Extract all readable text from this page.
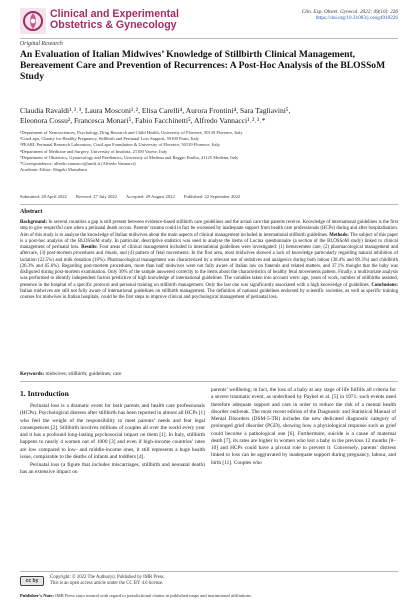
Clinical and Experimental
Obstetrics & Gynecology
Clin. Exp. Obstet. Gynecol. 2022; 49(10): 226
https://doi.org/10.31083/j.ceog4910226
Original Research
An Evaluation of Italian Midwives’ Knowledge of Stillbirth Clinical Management, Bereavement Care and Prevention of Recurrences: A Post-Hoc Analysis of the BLOSSoM Study
Claudia Ravaldi¹˒²˒³, Laura Mosconi¹˒², Elisa Carelli⁴, Aurora Frontini⁴, Sara Tagliavini⁵,
Eleonora Cossu², Francesca Monari⁵, Fabio Facchinetti⁵, Alfredo Vannacci¹˒²˒³˒*
¹Department of Neurosciences, Psychology, Drug Research and Child Health, University of Florence, 50139 Florence, Italy
²CiaoLapo, Charity for Healthy Pregnancy, Stillbirth and Perinatal Loss Support, 59100 Prato, Italy
³PEARL Perinatal Research Laboratory, CiaoLapo Foundation & University of Florence, 50139 Florence, Italy
⁴Department of Medicine and Surgery, University of Insubria, 21100 Varese, Italy
⁵Department of Obstetrics, Gynaecology and Paediatrics, University of Modena and Reggio Emilia, 41125 Modena, Italy
*Correspondence: alfredo.vannacci@unifi.it (Alfredo Vannacci)
Academic Editor: Shigeki Matsubara
Submitted: 28 April 2022 Revised: 27 July 2022 Accepted: 29 August 2022 Published: 22 September 2022
Abstract
Background: In several countries a gap is still present between evidence-based stillbirth care guidelines and the actual care that parents receive. Knowledge of international guidelines is the first step to give respectful care when a perinatal death occurs. Parents’ trauma could in fact be worsened by inadequate support from health care professionals (HCPs) during and after hospitalisation. Aim of this study is to analyse the knowledge of Italian midwives about the main aspects of clinical management included in international stillbirth guidelines. Methods: The subject of this paper is a post-hoc analysis of the BLOSSoM study. In particular, descriptive statistics was used to analyse the items of Lucina questionnaire (a section of the BLOSSoM study) linked to clinical management of perinatal loss. Results: Four areas of clinical management included in international guidelines were investigated: (1) bereavement care, (2) pharmacological management and aftercare, (3) post-mortem procedures and rituals, and (4) pattern of fetal movements. In the first area, most midwives showed a lack of knowledge particularly regarding natural inhibition of lactation (22.5%) and milk donation (18%). Pharmacological management was characterized by a relevant use of sedatives and analgesics during both labour (38.4% and 89.3%) and childbirth (26.3% and 65.6%). Regarding post-mortem procedures, more than half midwives were not fully aware of Italian law on funerals and related matters, and 37.1% thought that the baby was disfigured during post-mortem examination. Only 30% of the sample answered correctly to the items about the characteristics of healthy fetal movements pattern. Finally, a multivariate analysis was performed to identify independent factors predictive of high knowledge of international guidelines. The variables taken into account were: age, years of work, number of stillbirths assisted, presence in the hospital of a specific protocol and personal training on stillbirth management. Only the last one was significantly associated with a high knowledge of guidelines. Conclusions: Italian midwives are still not fully aware of international guidelines on stillbirth management. The definition of national guidelines endorsed by scientific societies, as well as specific training courses for midwives in Italian hospitals, could be the first steps to improve clinical and psychological management of perinatal loss.
Keywords: midwives; stillbirth; guidelines; care
1. Introduction

Perinatal loss is a dramatic event for both parents and health care professionals (HCPs). Psychological distress after stillbirth has been reported in almost all HCPs [1] who feel the weight of the responsibility to meet parents’ needs and fear legal consequences [2]. Stillbirth involves millions of couples all over the world every year and it has a profound long-lasting psychosocial impact on them [1]. In Italy, stillbirth happens to nearly 4 women out of 1000 [3] and even if high-income countries’ rates are low compared to low- and middle-income ones, it still represents a huge health issue, comparable to the deaths of infants and toddlers [4].

Perinatal loss (a figure that includes miscarriages, stillbirth and neonatal death) has an extensive impact on

parents’ wellbeing; in fact, the loss of a baby at any stage of life fulfills all criteria for a severe traumatic event, as underlined by Paykel et al. [5] in 1971; such events need therefore adequate support and care in order to reduce the risk of a mental health disorder outbreak. The most recent edition of the Diagnostic and Statistical Manual of Mental Disorders (DSM-5-TR) includes the new dedicated diagnostic category of prolonged grief disorder (PGD), showing how a physiological response such as grief could become a pathological one [6]. Furthermore, suicide is a cause of maternal death [7], its rates are higher in women who lost a baby in the previous 12 months [8–10] and HCPs could have a pivotal role to prevent it. Conversely, parents’ distress linked to loss can be aggravated by inadequate support during pregnancy, labour, and birth [11]. Couples who

cc by
Copyright: © 2022 The Author(s). Published by IMR Press.
This is an open access article under the CC BY 4.0 license.
Publisher’s Note: IMR Press stays neutral with regard to jurisdictional claims in published maps and institutional affiliations.
